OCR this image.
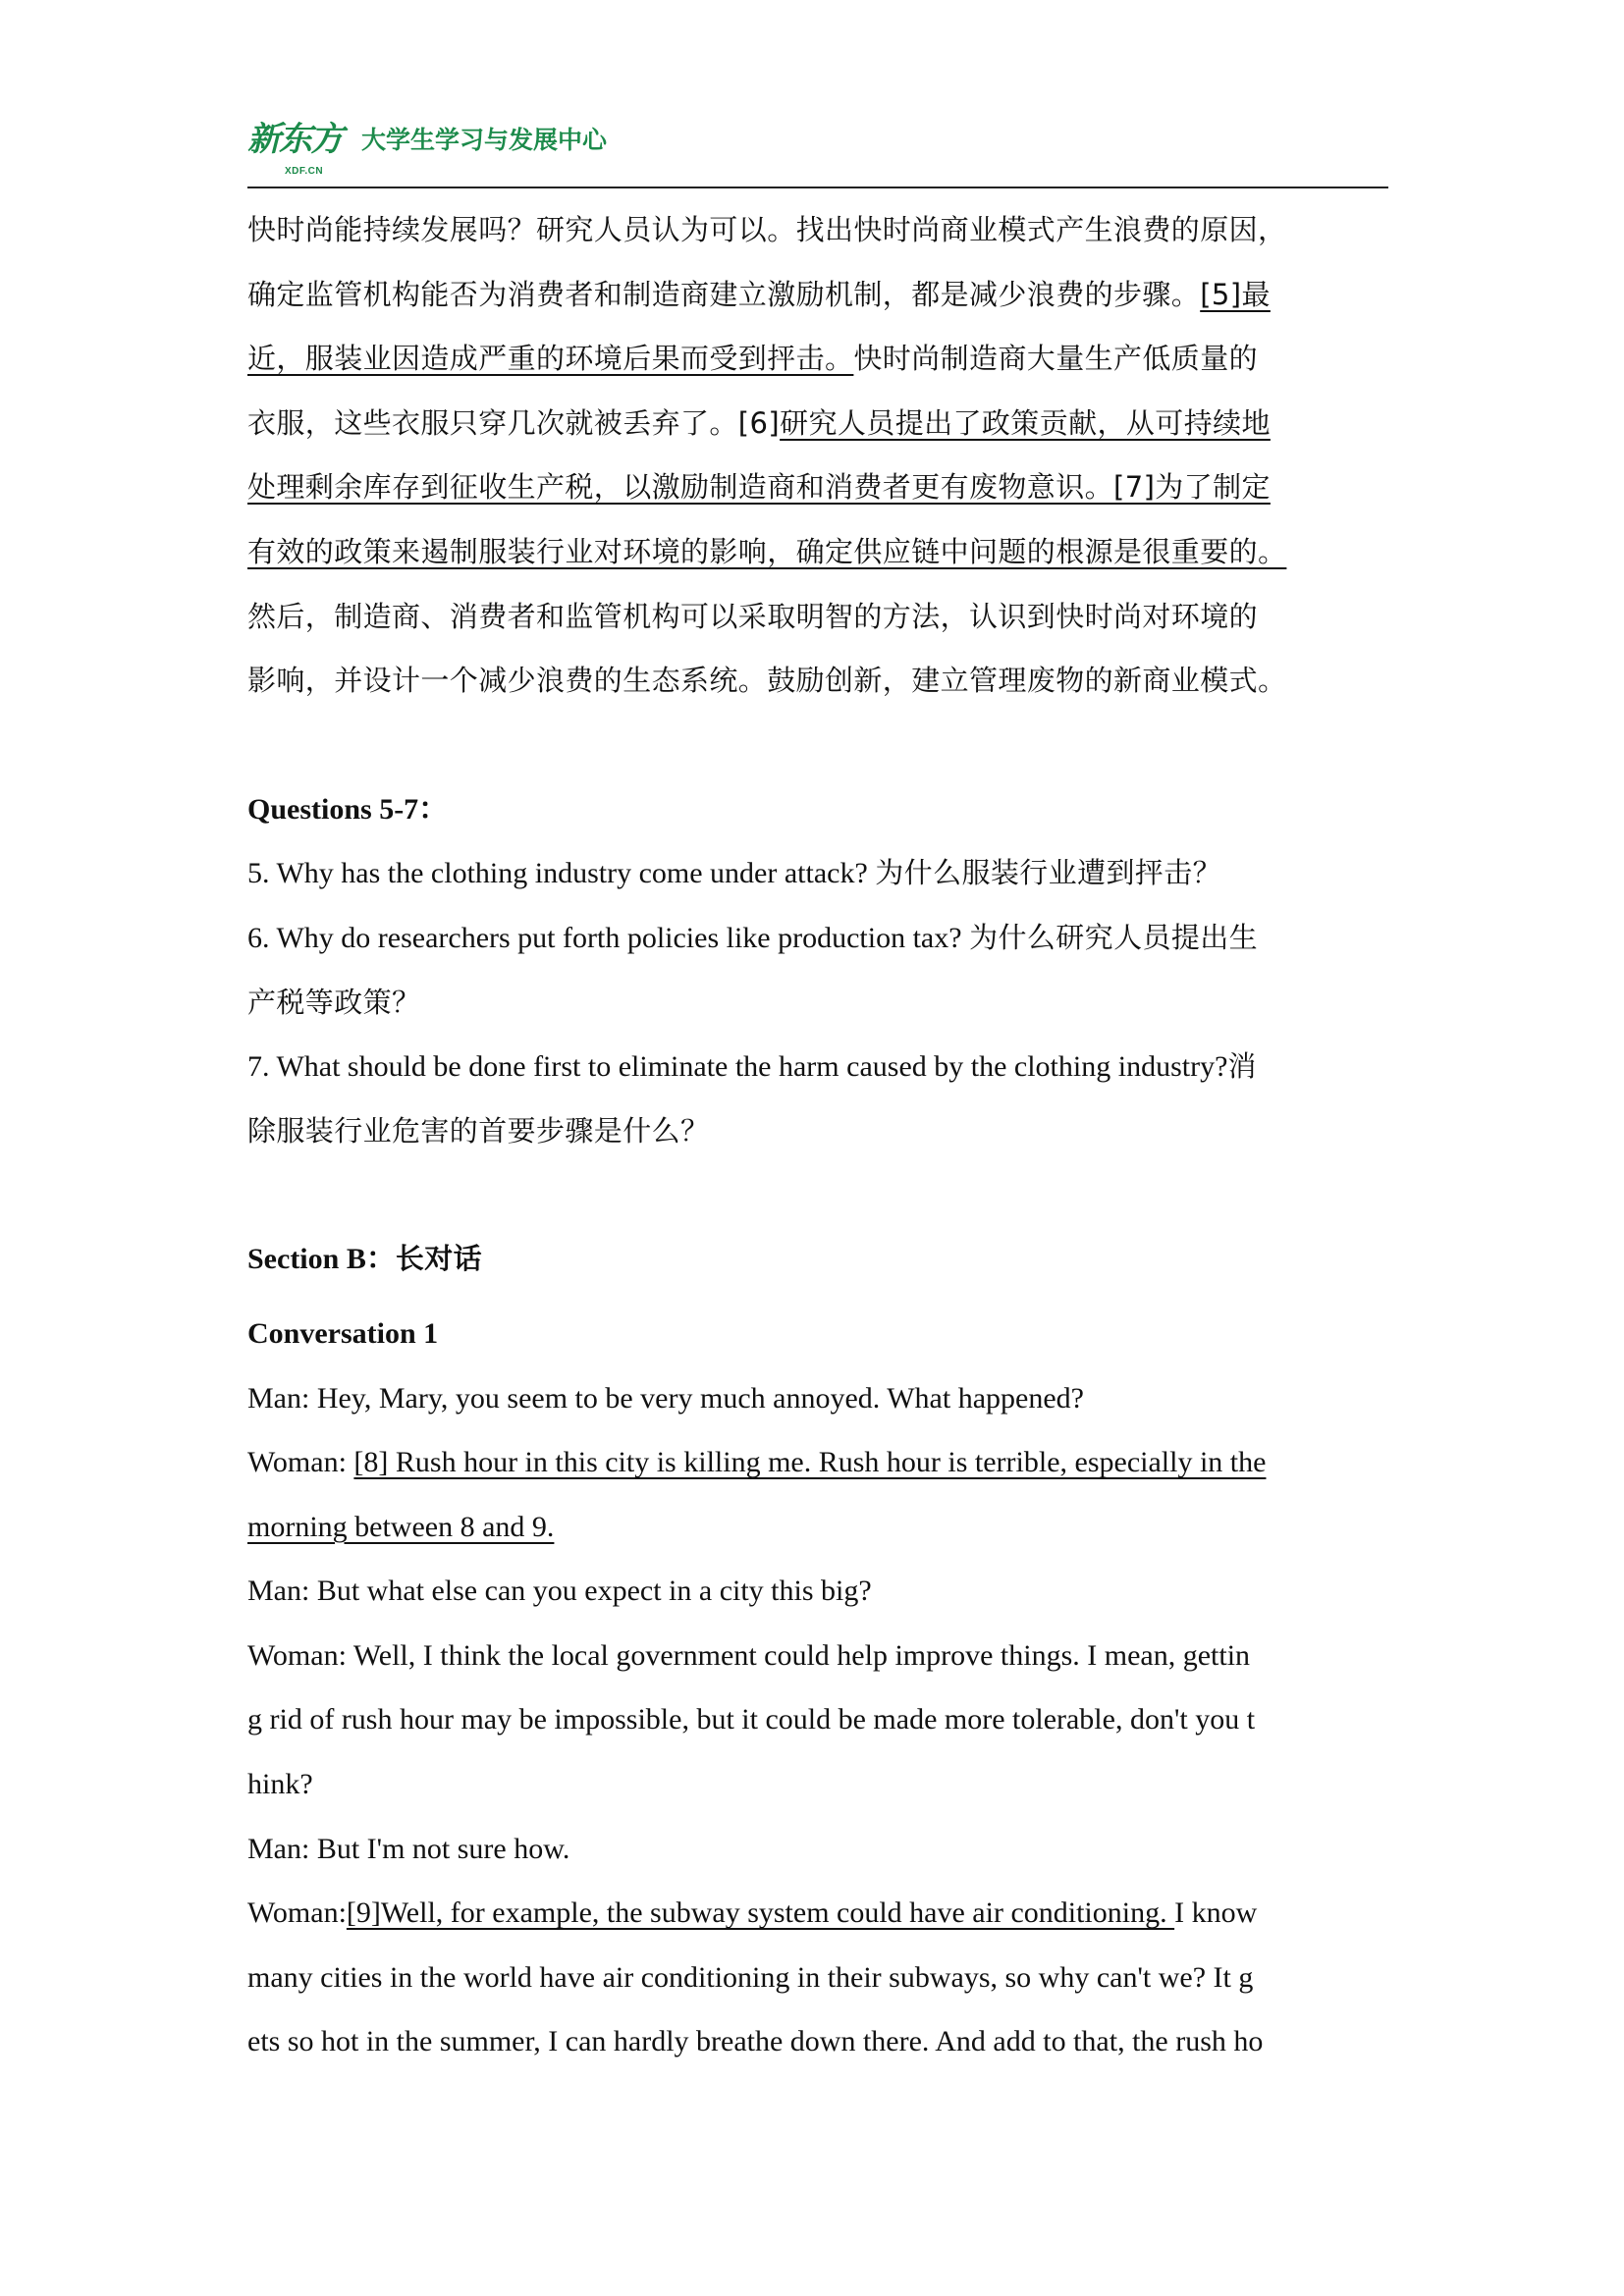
新东方
XDF.CN
大学生学习与发展中心

快时尚能持续发展吗？研究人员认为可以。找出快时尚商业模式产生浪费的原因，

确定监管机构能否为消费者和制造商建立激励机制，都是减少浪费的步骤。[5]最

近，服装业因造成严重的环境后果而受到抨击。快时尚制造商大量生产低质量的

衣服，这些衣服只穿几次就被丢弃了。[6]研究人员提出了政策贡献，从可持续地

处理剩余库存到征收生产税，以激励制造商和消费者更有废物意识。[7]为了制定

有效的政策来遏制服装行业对环境的影响，确定供应链中问题的根源是很重要的。

然后，制造商、消费者和监管机构可以采取明智的方法，认识到快时尚对环境的

影响，并设计一个减少浪费的生态系统。鼓励创新，建立管理废物的新商业模式。

Questions 5-7：

5. Why has the clothing industry come under attack? 为什么服装行业遭到抨击？

6. Why do researchers put forth policies like production tax? 为什么研究人员提出生

产税等政策？

7. What should be done first to eliminate the harm caused by the clothing industry?消

除服装行业危害的首要步骤是什么？

Section B：长对话

Conversation 1

Man: Hey, Mary, you seem to be very much annoyed. What happened?

Woman: [8] Rush hour in this city is killing me. Rush hour is terrible, especially in the

morning between 8 and 9.

Man: But what else can you expect in a city this big?

Woman: Well, I think the local government could help improve things. I mean, gettin

g rid of rush hour may be impossible, but it could be made more tolerable, don't you t

hink?

Man: But I'm not sure how.

Woman:[9]Well, for example, the subway system could have air conditioning. I know

many cities in the world have air conditioning in their subways, so why can't we? It g

ets so hot in the summer, I can hardly breathe down there. And add to that, the rush ho
